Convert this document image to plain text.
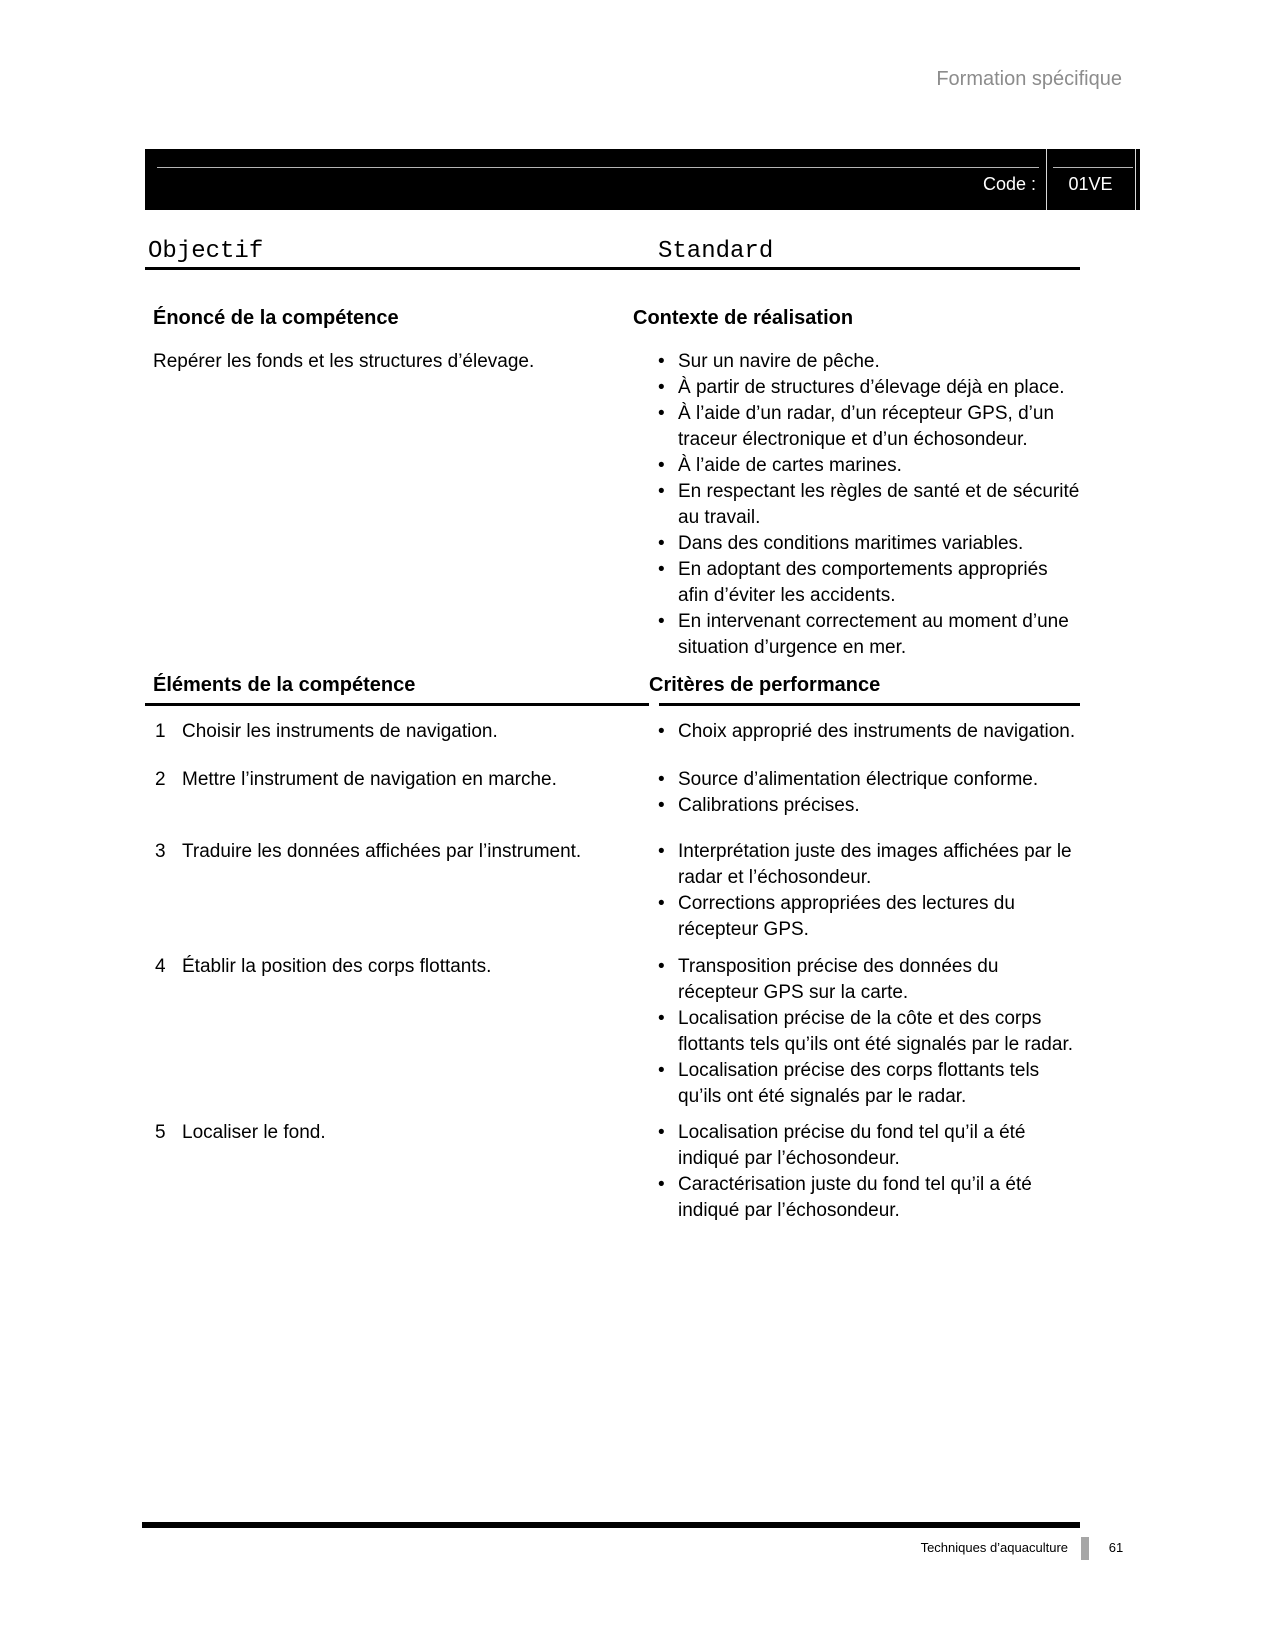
Formation spécifique
Code :	01VE
Objectif	Standard
Énoncé de la compétence	Contexte de réalisation
Repérer les fonds et les structures d’élevage.	• Sur un navire de pêche.
• À partir de structures d’élevage déjà en place.
• À l’aide d’un radar, d’un récepteur GPS, d’un traceur électronique et d’un échosondeur.
• À l’aide de cartes marines.
• En respectant les règles de santé et de sécurité au travail.
• Dans des conditions maritimes variables.
• En adoptant des comportements appropriés afin d’éviter les accidents.
• En intervenant correctement au moment d’une situation d’urgence en mer.
Éléments de la compétence	Critères de performance
1 Choisir les instruments de navigation.	• Choix approprié des instruments de navigation.
2 Mettre l’instrument de navigation en marche.	• Source d’alimentation électrique conforme.
• Calibrations précises.
3 Traduire les données affichées par l’instrument.	• Interprétation juste des images affichées par le radar et l’échosondeur.
• Corrections appropriées des lectures du récepteur GPS.
4 Établir la position des corps flottants.	• Transposition précise des données du récepteur GPS sur la carte.
• Localisation précise de la côte et des corps flottants tels qu’ils ont été signalés par le radar.
• Localisation précise des corps flottants tels qu’ils ont été signalés par le radar.
5 Localiser le fond.	• Localisation précise du fond tel qu’il a été indiqué par l’échosondeur.
• Caractérisation juste du fond tel qu’il a été indiqué par l’échosondeur.
Techniques d’aquaculture	61
